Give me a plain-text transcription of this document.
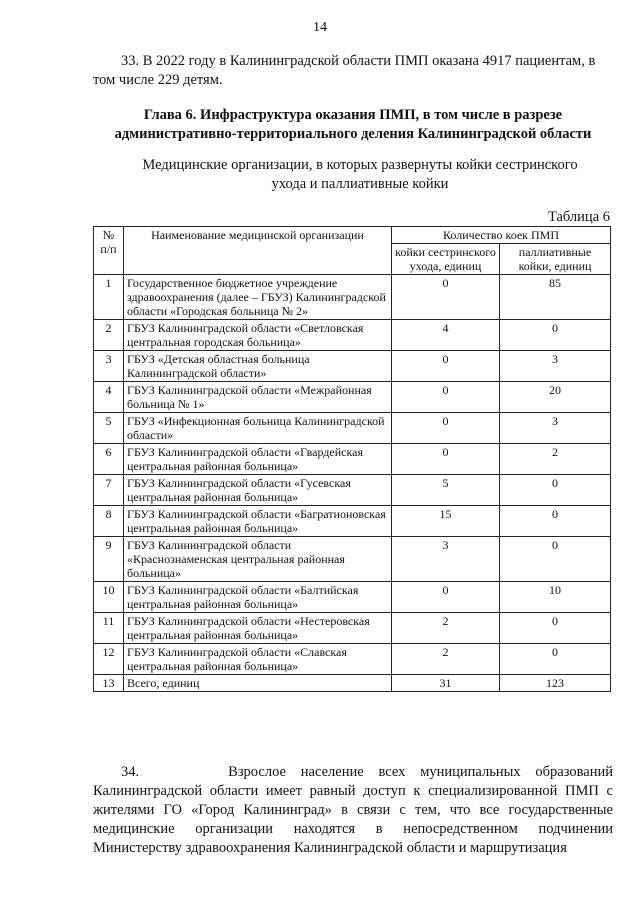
14
33. В 2022 году в Калининградской области ПМП оказана 4917 пациентам, в том числе 229 детям.
Глава 6. Инфраструктура оказания ПМП, в том числе в разрезе административно-территориального деления Калининградской области
Медицинские организации, в которых развернуты койки сестринского ухода и паллиативные койки
Таблица 6
№ п/п	Наименование медицинской организации	Количество коек ПМП	
		койки сестринского ухода, единиц	паллиативные койки, единиц
1	Государственное бюджетное учреждение здравоохранения (далее – ГБУЗ) Калининградской области «Городская больница № 2»	0	85
2	ГБУЗ Калининградской области «Светловская центральная городская больница»	4	0
3	ГБУЗ «Детская областная больница Калининградской области»	0	3
4	ГБУЗ Калининградской области «Межрайонная больница № 1»	0	20
5	ГБУЗ «Инфекционная больница Калининградской области»	0	3
6	ГБУЗ Калининградской области «Гвардейская центральная районная больница»	0	2
7	ГБУЗ Калининградской области «Гусевская центральная районная больница»	5	0
8	ГБУЗ Калининградской области «Багратионовская центральная районная больница»	15	0
9	ГБУЗ Калининградской области «Краснознаменская центральная районная больница»	3	0
10	ГБУЗ Калининградской области «Балтийская центральная районная больница»	0	10
11	ГБУЗ Калининградской области «Нестеровская центральная районная больница»	2	0
12	ГБУЗ Калининградской области «Славская центральная районная больница»	2	0
13	Всего, единиц	31	123
34.	Взрослое население всех муниципальных образований Калининградской области имеет равный доступ к специализированной ПМП с жителями ГО «Город Калининград» в связи с тем, что все государственные медицинские организации находятся в непосредственном подчинении Министерству здравоохранения Калининградской области и маршрутизация
